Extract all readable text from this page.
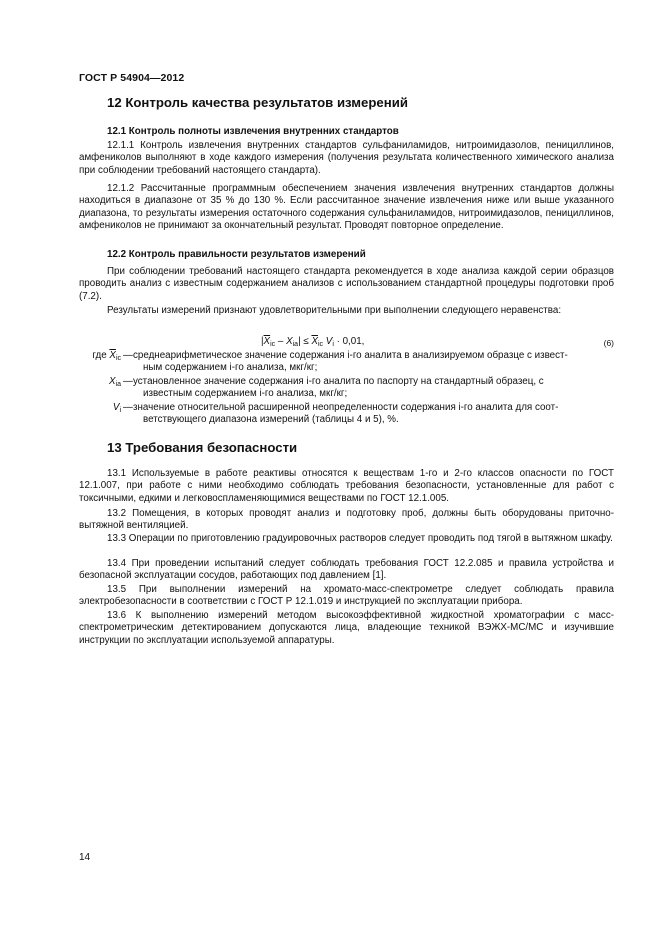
ГОСТ Р 54904—2012
12 Контроль качества результатов измерений
12.1 Контроль полноты извлечения внутренних стандартов
12.1.1 Контроль извлечения внутренних стандартов сульфаниламидов, нитроимидазолов, пенициллинов, амфениколов выполняют в ходе каждого измерения (получения результата количественного химического анализа при соблюдении требований настоящего стандарта).
12.1.2 Рассчитанные программным обеспечением значения извлечения внутренних стандартов должны находиться в диапазоне от 35 % до 130 %. Если рассчитанное значение извлечения ниже или выше указанного диапазона, то результаты измерения остаточного содержания сульфаниламидов, нитроимидазолов, пенициллинов, амфениколов не принимают за окончательный результат. Проводят повторное определение.
12.2 Контроль правильности результатов измерений
При соблюдении требований настоящего стандарта рекомендуется в ходе анализа каждой серии образцов проводить анализ с известным содержанием анализов с использованием стандартной процедуры подготовки проб (7.2).
Результаты измерений признают удовлетворительными при выполнении следующего неравенства:
$|\overline{X}_{ic} - X_{ia}| \le \overline{X}_{ic}$ $V_i \cdot 0,01$,	(6)
где $\overline{X}_{ic}$ — среднеарифметическое значение содержания i-го аналита в анализируемом образце с извест-
ным содержанием i-го анализа, мкг/кг;
$X_{ia}$ — установленное значение содержания i-го аналита по паспорту на стандартный образец, с
известным содержанием i-го анализа, мкг/кг;
$V_i$ — значение относительной расширенной неопределенности содержания i-го аналита для соот-
ветствующего диапазона измерений (таблицы 4 и 5), %.
13 Требования безопасности
13.1 Используемые в работе реактивы относятся к веществам 1-го и 2-го классов опасности по ГОСТ 12.1.007, при работе с ними необходимо соблюдать требования безопасности, установленные для работ с токсичными, едкими и легковоспламеняющимися веществами по ГОСТ 12.1.005.
13.2 Помещения, в которых проводят анализ и подготовку проб, должны быть оборудованы приточно-вытяжной вентиляцией.
13.3 Операции по приготовлению градуировочных растворов следует проводить под тягой в вытяжном шкафу.
13.4 При проведении испытаний следует соблюдать требования ГОСТ 12.2.085 и правила устройства и безопасной эксплуатации сосудов, работающих под давлением [1].
13.5 При выполнении измерений на хромато-масс-спектрометре следует соблюдать правила электробезопасности в соответствии с ГОСТ Р 12.1.019 и инструкцией по эксплуатации прибора.
13.6 К выполнению измерений методом высокоэффективной жидкостной хроматографии с масс-спектрометрическим детектированием допускаются лица, владеющие техникой ВЭЖХ-МС/МС и изучившие инструкции по эксплуатации используемой аппаратуры.
14
